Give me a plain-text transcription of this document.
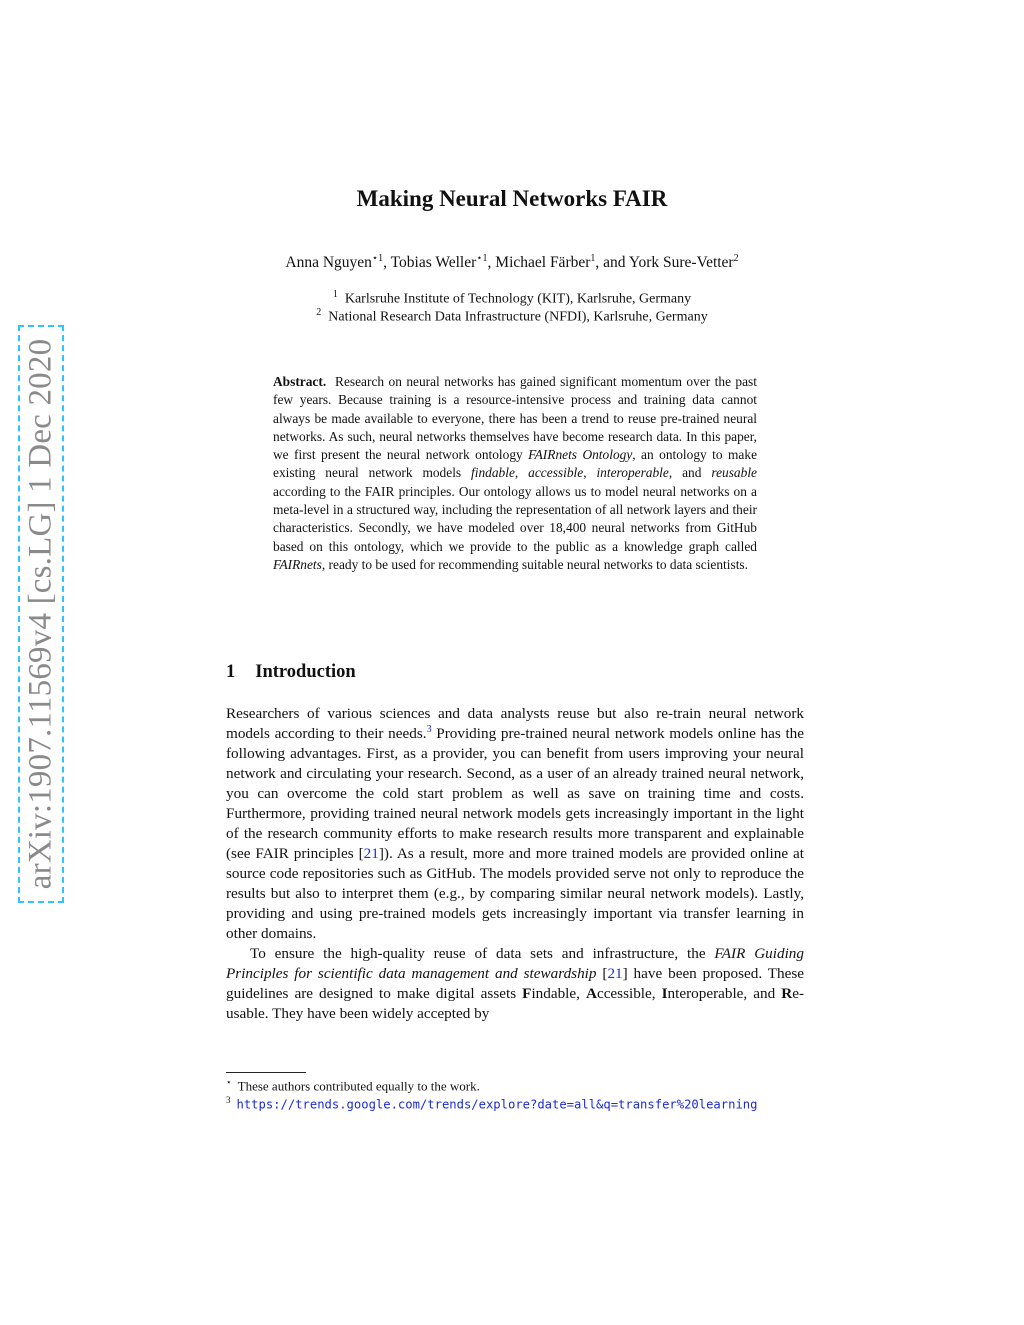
arXiv:1907.11569v4 [cs.LG] 1 Dec 2020
Making Neural Networks FAIR
Anna Nguyen$^{⋆1}$, Tobias Weller$^{⋆1}$, Michael Färber$^1$, and York Sure-Vetter$^2$
$^1$ Karlsruhe Institute of Technology (KIT), Karlsruhe, Germany
$^2$ National Research Data Infrastructure (NFDI), Karlsruhe, Germany

Abstract. Research on neural networks has gained significant momentum over the past few years. Because training is a resource-intensive process and training data cannot always be made available to everyone, there has been a trend to reuse pre-trained neural networks. As such, neural networks themselves have become research data. In this paper, we first present the neural network ontology FAIRnets Ontology, an ontology to make existing neural network models findable, accessible, interoperable, and reusable according to the FAIR principles. Our ontology allows us to model neural networks on a meta-level in a structured way, including the representation of all network layers and their characteristics. Secondly, we have modeled over 18,400 neural networks from GitHub based on this ontology, which we provide to the public as a knowledge graph called FAIRnets, ready to be used for recommending suitable neural networks to data scientists.

1 Introduction

Researchers of various sciences and data analysts reuse but also re-train neural network models according to their needs.$^3$ Providing pre-trained neural network models online has the following advantages. First, as a provider, you can benefit from users improving your neural network and circulating your research. Second, as a user of an already trained neural network, you can overcome the cold start problem as well as save on training time and costs. Furthermore, providing trained neural network models gets increasingly important in the light of the research community efforts to make research results more transparent and explainable (see FAIR principles [21]). As a result, more and more trained models are provided online at source code repositories such as GitHub. The models provided serve not only to reproduce the results but also to interpret them (e.g., by comparing similar neural network models). Lastly, providing and using pre-trained models gets increasingly important via transfer learning in other domains.

To ensure the high-quality reuse of data sets and infrastructure, the FAIR Guiding Principles for scientific data management and stewardship [21] have been proposed. These guidelines are designed to make digital assets Findable, Accessible, Interoperable, and Re-usable. They have been widely accepted by

⋆ These authors contributed equally to the work.
$^3$ https://trends.google.com/trends/explore?date=all&q=transfer%20learning
